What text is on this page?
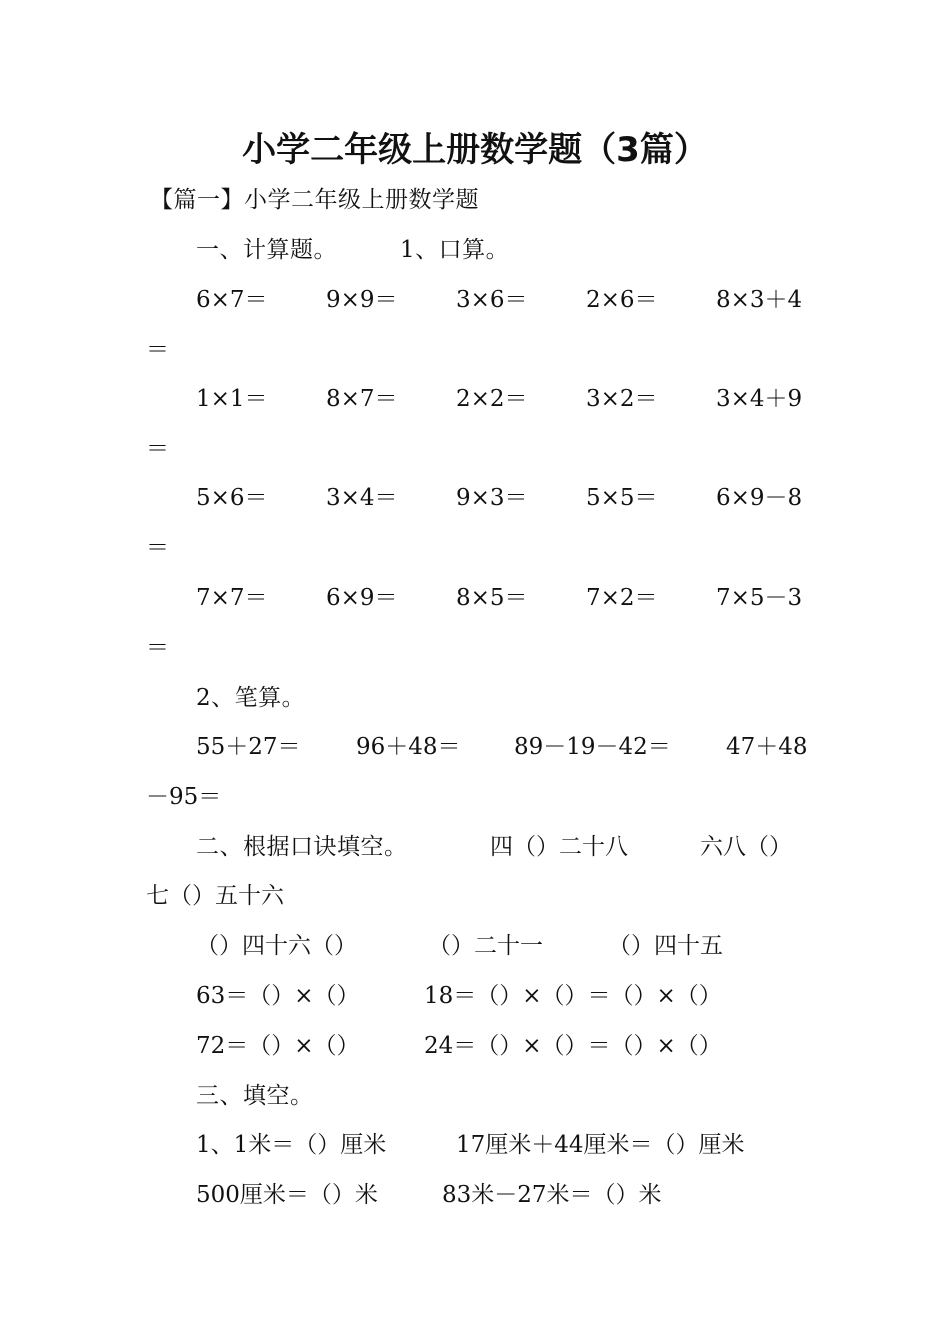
小学二年级上册数学题（3篇）
【篇一】小学二年级上册数学题
一、计算题。	1、口算。
6×7＝	9×9＝	3×6＝	2×6＝	8×3＋4
＝
1×1＝	8×7＝	2×2＝	3×2＝	3×4＋9
＝
5×6＝	3×4＝	9×3＝	5×5＝	6×9－8
＝
7×7＝	6×9＝	8×5＝	7×2＝	7×5－3
＝
2、笔算。
55＋27＝ 96＋48＝ 89－19－42＝ 47＋48
－95＝
二、根据口诀填空。	四（）二十八	六八（）
七（）五十六
（）四十六（）	（）二十一	（）四十五
63＝（）×（）	18＝（）×（）＝（）×（）
72＝（）×（）	24＝（）×（）＝（）×（）
三、填空。
1、1米＝（）厘米	17厘米＋44厘米＝（）厘米
500厘米＝（）米	83米－27米＝（）米
